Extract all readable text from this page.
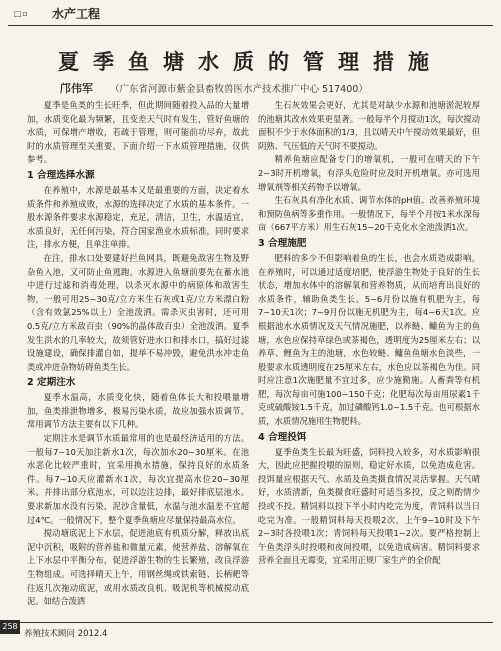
□▫ 水产工程
夏季鱼塘水质的管理措施
邝伟军 （广东省河源市紫金县畜牧兽医水产技术推广中心 517400）

夏季是鱼类的生长旺季，但此期间随着投入品的大量增加，水质变化最为频繁，且变差天气时有发生，管好鱼塘的水质，可保增产增收，若疏于管理，则可能前功尽弃，故此时的水质管理至关重要。下面介绍一下水质管理措施，仅供参考。

1 合理选择水源

在养殖中，水源是最基本又是最重要的方面，决定着水质条件和养殖成败，水源的选择决定了水质的基本条件。一般水源条件要求水源稳定，充足，清洁，卫生，水温适宜，水质良好，无任何污染，符合国家渔业水质标准，同时要求注，排水方便，且单注单排。

在注，排水口处要建好拦鱼网具，既避免敌害生物及野杂鱼入池，又可防止鱼逃跑。水源进入鱼塘前要先在蓄水池中进行过滤和消毒处理，以杀灭水源中的病原体和敌害生物，一般可用25~30克/立方米生石灰或1克/立方米漂白粉（含有效氯25%以上）全池泼洒。需杀灭虫害时，还可用0.5克/立方米敌百虫（90%的晶体敌百虫）全池泼洒。夏季发生洪水的几率较大，故须管好进水口和排水口，搞好过滤设施建设，确保排灌自如，提举不易冲毁，避免洪水冲走鱼类或冲进杂物妨碍鱼类生长。

2 定期注水

夏季水温高，水质变化快，随着鱼体长大和投喂量增加，鱼类排泄物增多，极易污染水质，故应加强水质调节。常用调节方法主要有以下几种。

定期注水是调节水质最常用的也是最经济适用的方法。一般每7~10天加注新水1次，每次加水20~30厘米。在池水恶化比较严重时，宜采用换水措施，保持良好的水质条件。每7~10天应灌新水1次，每次宜提高水位20~30厘米。并排出部分底池水，可以边注边排，最好排底层池水。要求新加水没有污染，泥沙含量低，水温与池水温差不宜超过4℃。一般情况下，整个夏季鱼塘应尽量保持最高水位。

搅动塘底泥上下水层，促进池底有机质分解，释放出底泥中沉积，吸附的营养盐和微量元素，使营养盐、溶解氧在上下水层中平衡分布，促进浮游生物的生长繁殖，改良浮游生物组成。可选择晴天上午，用钢丝绳或铁索链、长柄耙等往返几次拖动底泥，或用水质改良机、吸泥机等机械搅动底泥。如结合泼洒

生石灰效果会更好，尤其是对缺少水源和池塘淤泥较厚的池塘其改水效果更显著。一般每半个月搅动1次，每次搅动面积不少于水体面积的1/3，且以晴天中午搅动效果最好，但阴熟、气压低的天气时不要搅动。

精养鱼塘应配备专门的增氧机，一般可在晴天的下午2~3时开机增氧，有浮头危险时应及时开机增氧。亦可选用增氧剂等相关药物予以增氧。

生石灰具有净化水质、调节水体的pH值、改善养殖环境和预防鱼病等多重作用。一般情况下，每半个月按1米水深每亩（667平方米）用生石灰15~20千克化水全池泼洒1次。

3 合理施肥

肥料的多少不但影响着鱼的生长，也会水质造成影响。在养殖时，可以通过适度培肥，使浮游生物处于良好的生长状态，增加水体中的溶解氧和营养物质，从而培育出良好的水质条件，辅助鱼类生长。5~6月份以施有机肥为主，每7~10天1次；7~9月份以施无机肥为主，每4~6天1次。应根据池水水质情况及天气情况施肥，以养鲢、鳙鱼为主的鱼塘，水色应保持草绿色或茶褐色，透明度为25厘米左右；以养草、鲤鱼为主的池塘，水色较鲢、鳙鱼鱼塘水色淡些，一般要求水质透明度在25厘米左右，水色应以茶褐色为佳。同时应注意1次施肥量不宜过多，应少施勤施。人畜粪等有机肥，每次每亩可施100~150千克；化肥每次每亩用尿素1千克或硫酸铵1.5千克，加过磷酸钙1.0~1.5千克。也可根据水质，水质情况施用生物肥料。

4 合理投饵

夏季鱼类生长最为旺盛，饲料投入较多，对水质影响很大，因此应把握投喂的原则，稳定好水质，以免造成危害。投饵量应根据天气、水质及鱼类摄食情况灵活掌握。天气晴好，水质清新，鱼类摄食旺盛时可适当多投，反之则酌情少投或不投。精饲料以投下半小时内吃完为度，青饲料以当日吃完为准。一般精饲料每天投喂2次，上午9~10时及下午2~3时各投喂1次；青饲料每天投喂1~2次。要严格控制上午鱼类浮头时投喂和夜间投喂，以免造成病害。精饲料要求营养全面且无霉变，宜采用正规厂家生产的全价配

258
养殖技术顾问 2012.4
